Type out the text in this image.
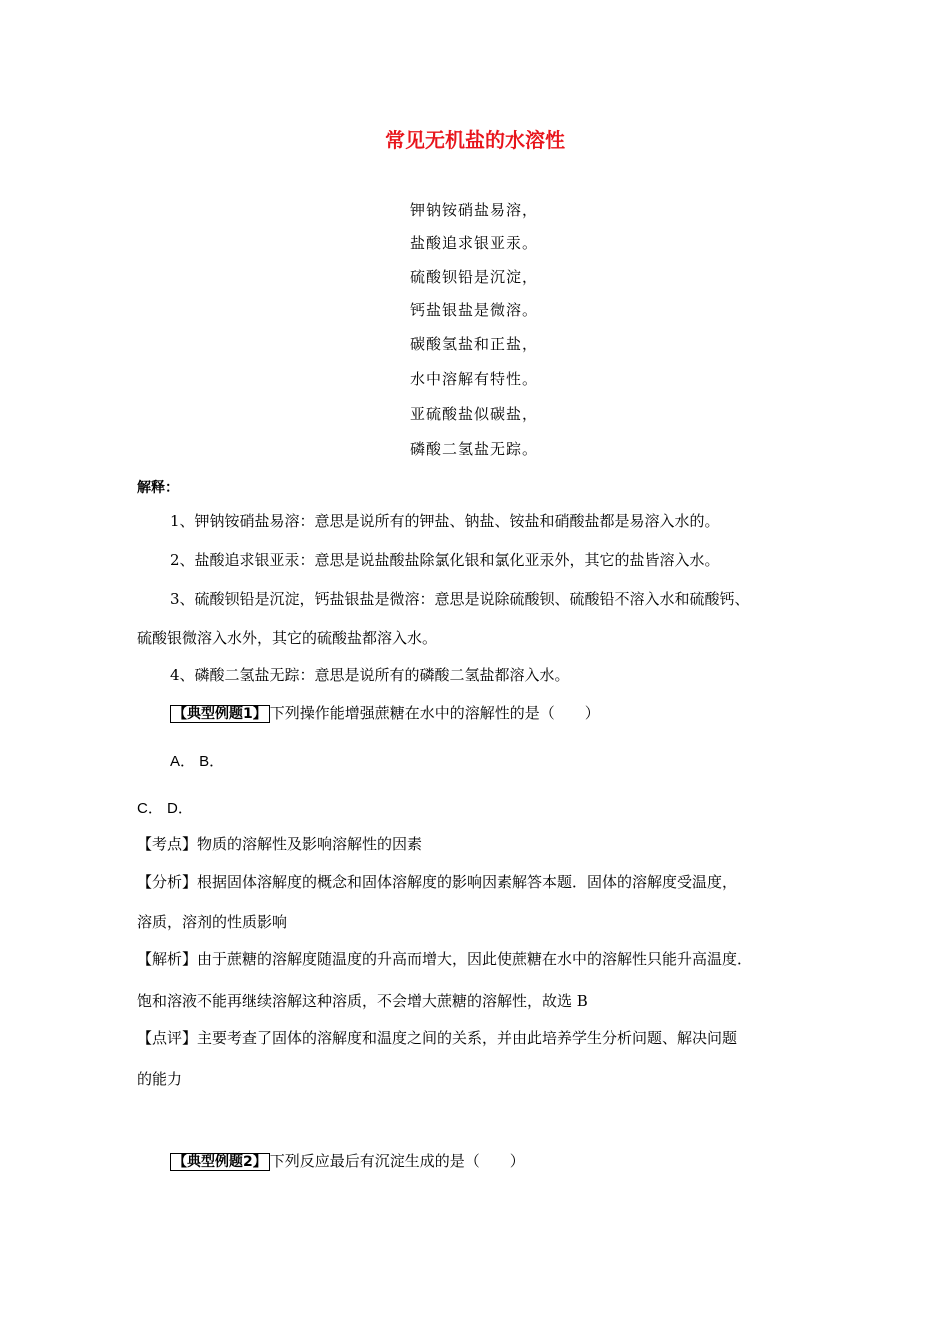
常见无机盐的水溶性
钾钠铵硝盐易溶，
盐酸追求银亚汞。
硫酸钡铅是沉淀，
钙盐银盐是微溶。
碳酸氢盐和正盐，
水中溶解有特性。
亚硫酸盐似碳盐，
磷酸二氢盐无踪。
解释：
1、钾钠铵硝盐易溶：意思是说所有的钾盐、钠盐、铵盐和硝酸盐都是易溶入水的。
2、盐酸追求银亚汞：意思是说盐酸盐除氯化银和氯化亚汞外，其它的盐皆溶入水。
3、硫酸钡铅是沉淀，钙盐银盐是微溶：意思是说除硫酸钡、硫酸铅不溶入水和硫酸钙、
硫酸银微溶入水外，其它的硫酸盐都溶入水。
4、磷酸二氢盐无踪：意思是说所有的磷酸二氢盐都溶入水。
【典型例题1】 下列操作能增强蔗糖在水中的溶解性的是（　　）
A． B．
C． D．
【考点】物质的溶解性及影响溶解性的因素
【分析】根据固体溶解度的概念和固体溶解度的影响因素解答本题．固体的溶解度受温度，
溶质，溶剂的性质影响
【解析】由于蔗糖的溶解度随温度的升高而增大，因此使蔗糖在水中的溶解性只能升高温度．
饱和溶液不能再继续溶解这种溶质，不会增大蔗糖的溶解性，故选 B
【点评】主要考查了固体的溶解度和温度之间的关系，并由此培养学生分析问题、解决问题
的能力
【典型例题2】 下列反应最后有沉淀生成的是（　　）
